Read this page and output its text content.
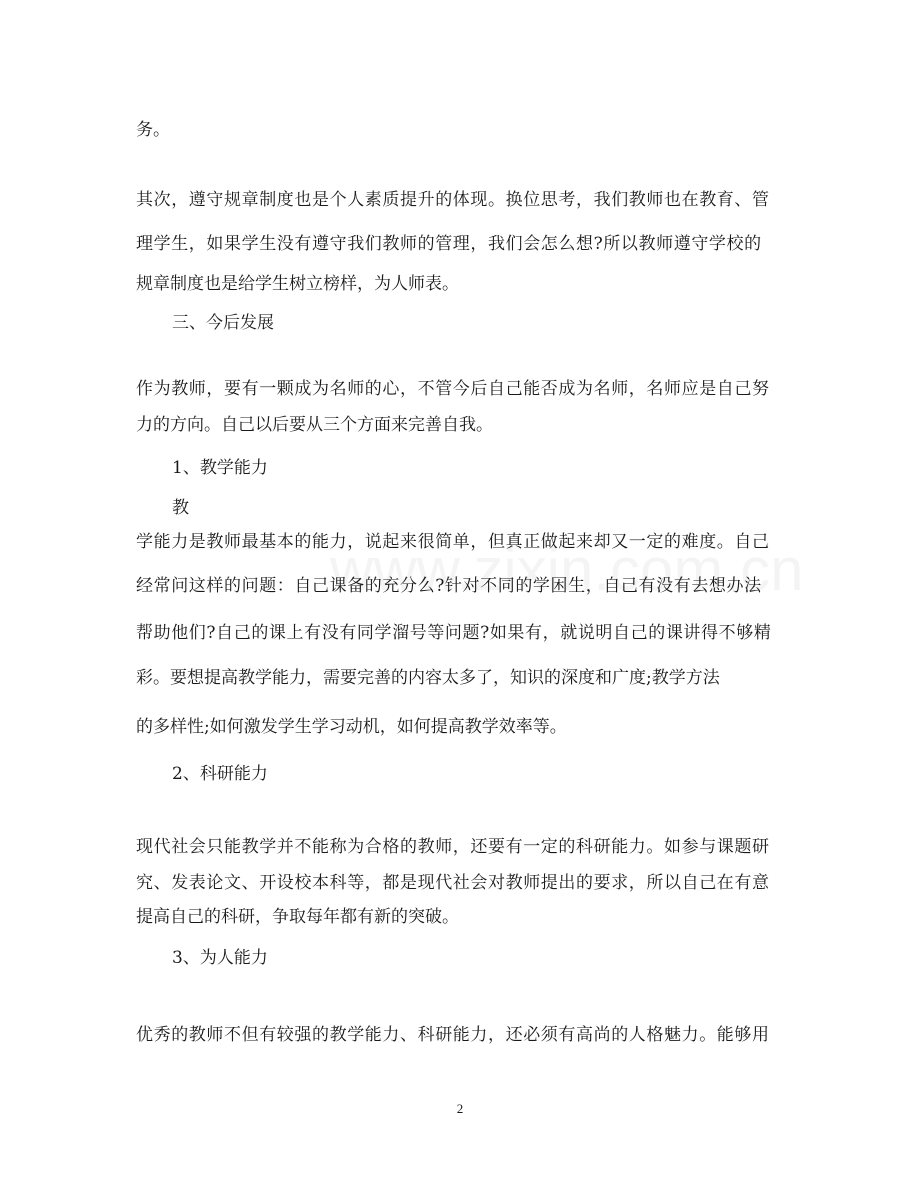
务。
其次，遵守规章制度也是个人素质提升的体现。换位思考，我们教师也在教育、管
理学生，如果学生没有遵守我们教师的管理，我们会怎么想?所以教师遵守学校的
规章制度也是给学生树立榜样，为人师表。
三、今后发展
作为教师，要有一颗成为名师的心，不管今后自己能否成为名师，名师应是自己努
力的方向。自己以后要从三个方面来完善自我。
1、教学能力
教
学能力是教师最基本的能力，说起来很简单，但真正做起来却又一定的难度。自己
经常问这样的问题：自己课备的充分么?针对不同的学困生，自己有没有去想办法
帮助他们?自己的课上有没有同学溜号等问题?如果有，就说明自己的课讲得不够精
彩。要想提高教学能力，需要完善的内容太多了，知识的深度和广度;教学方法
的多样性;如何激发学生学习动机，如何提高教学效率等。
2、科研能力
现代社会只能教学并不能称为合格的教师，还要有一定的科研能力。如参与课题研
究、发表论文、开设校本科等，都是现代社会对教师提出的要求，所以自己在有意
提高自己的科研，争取每年都有新的突破。
3、为人能力
优秀的教师不但有较强的教学能力、科研能力，还必须有高尚的人格魅力。能够用
2
